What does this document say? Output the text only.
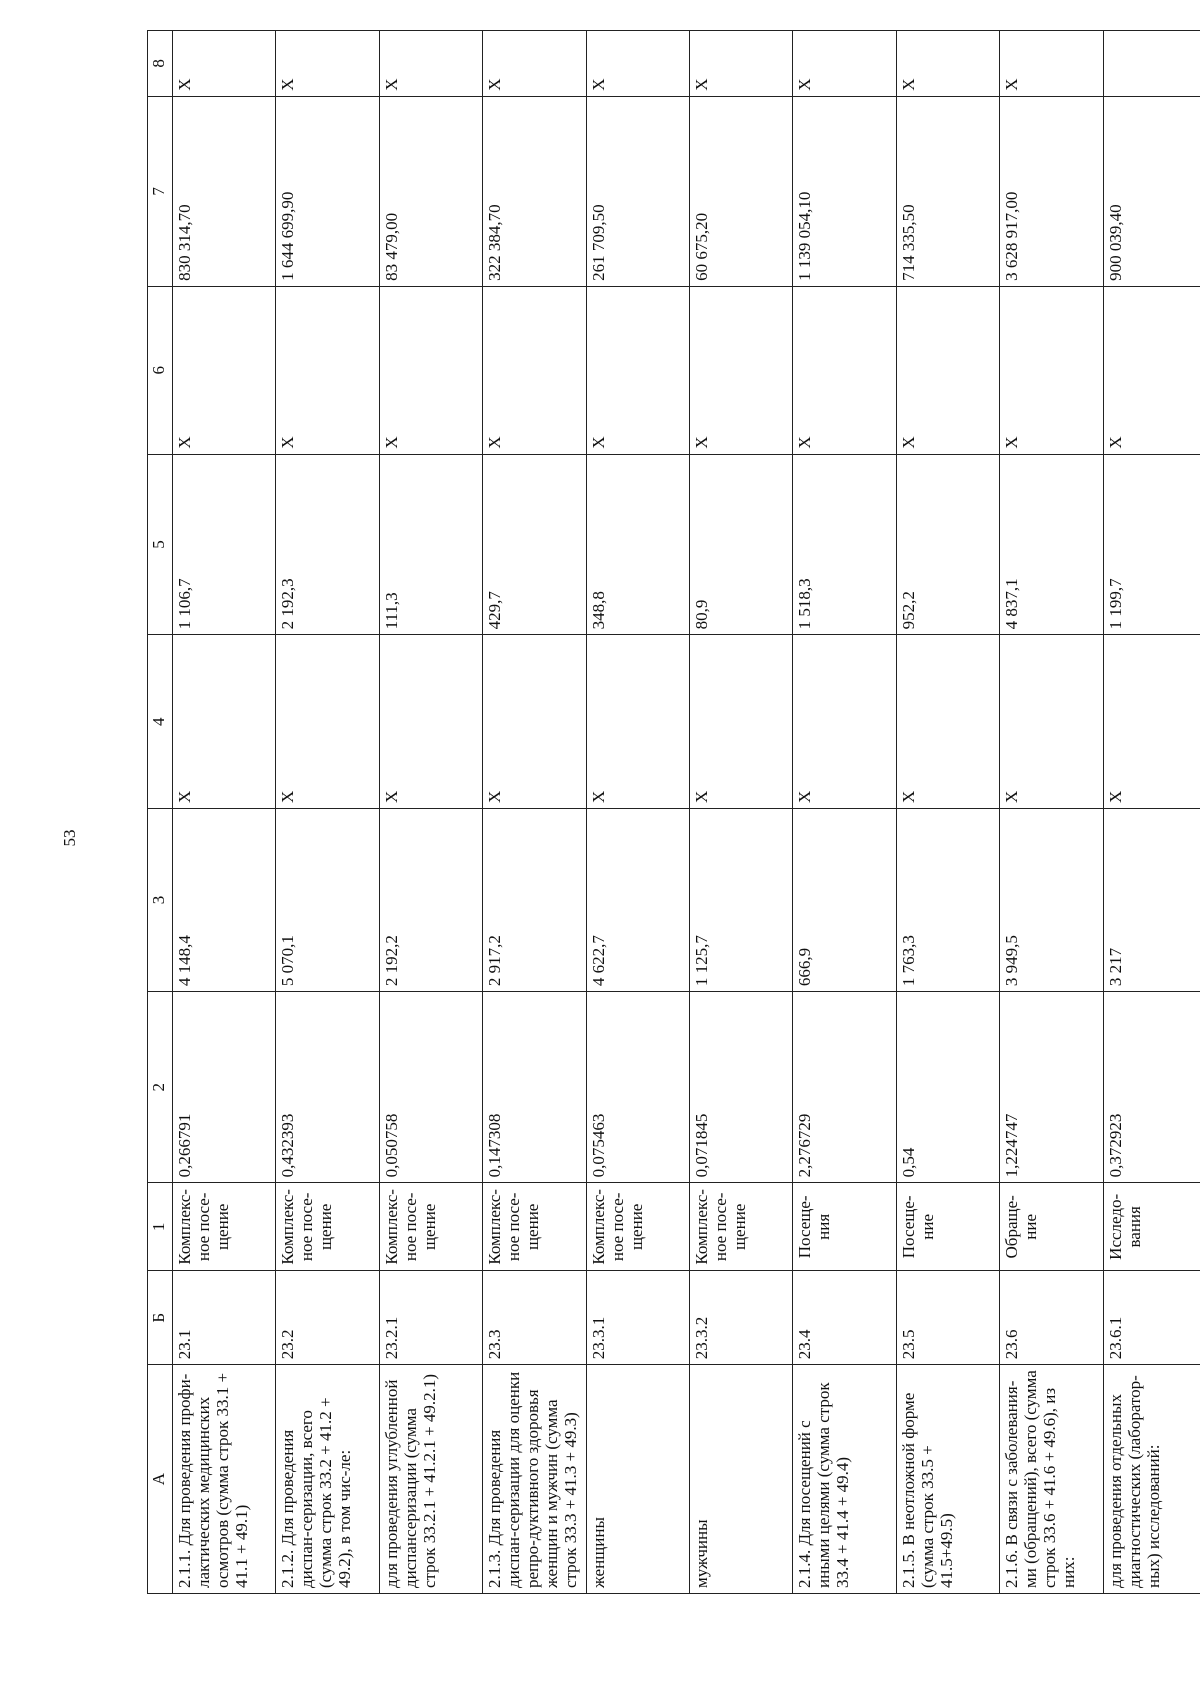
53
А	Б	1	2	3	4	5	6	7	8
2.1.1. Для проведения профи-лактических медицинских осмотров (сумма строк 33.1 + 41.1 + 49.1)	23.1	Комплекс-ное посе-щение	0,266791	4 148,4	Х	1 106,7	Х	830 314,70	Х
2.1.2. Для проведения диспан-серизации, всего (сумма строк 33.2 + 41.2 + 49.2), в том чис-ле:	23.2	Комплекс-ное посе-щение	0,432393	5 070,1	Х	2 192,3	Х	1 644 699,90	Х
для проведения углубленной диспансеризации (сумма строк 33.2.1 + 41.2.1 + 49.2.1)	23.2.1	Комплекс-ное посе-щение	0,050758	2 192,2	Х	111,3	Х	83 479,00	Х
2.1.3. Для проведения диспан-серизации для оценки репро-дуктивного здоровья женщин и мужчин (сумма строк 33.3 + 41.3 + 49.3)	23.3	Комплекс-ное посе-щение	0,147308	2 917,2	Х	429,7	Х	322 384,70	Х
женщины	23.3.1	Комплекс-ное посе-щение	0,075463	4 622,7	Х	348,8	Х	261 709,50	Х
мужчины	23.3.2	Комплекс-ное посе-щение	0,071845	1 125,7	Х	80,9	Х	60 675,20	Х
2.1.4. Для посещений с иными целями (сумма строк 33.4 + 41.4 + 49.4)	23.4	Посеще-ния	2,276729	666,9	Х	1 518,3	Х	1 139 054,10	Х
2.1.5. В неотложной форме (сумма строк 33.5 + 41.5+49.5)	23.5	Посеще-ние	0,54	1 763,3	Х	952,2	Х	714 335,50	Х
2.1.6. В связи с заболевания-ми (обращений), всего (сумма строк 33.6 + 41.6 + 49.6), из них:	23.6	Обраще-ние	1,224747	3 949,5	Х	4 837,1	Х	3 628 917,00	Х
для проведения отдельных диагностических (лаборатор-ных) исследований:	23.6.1	Исследо-вания	0,372923	3 217	Х	1 199,7	Х	900 039,40	
